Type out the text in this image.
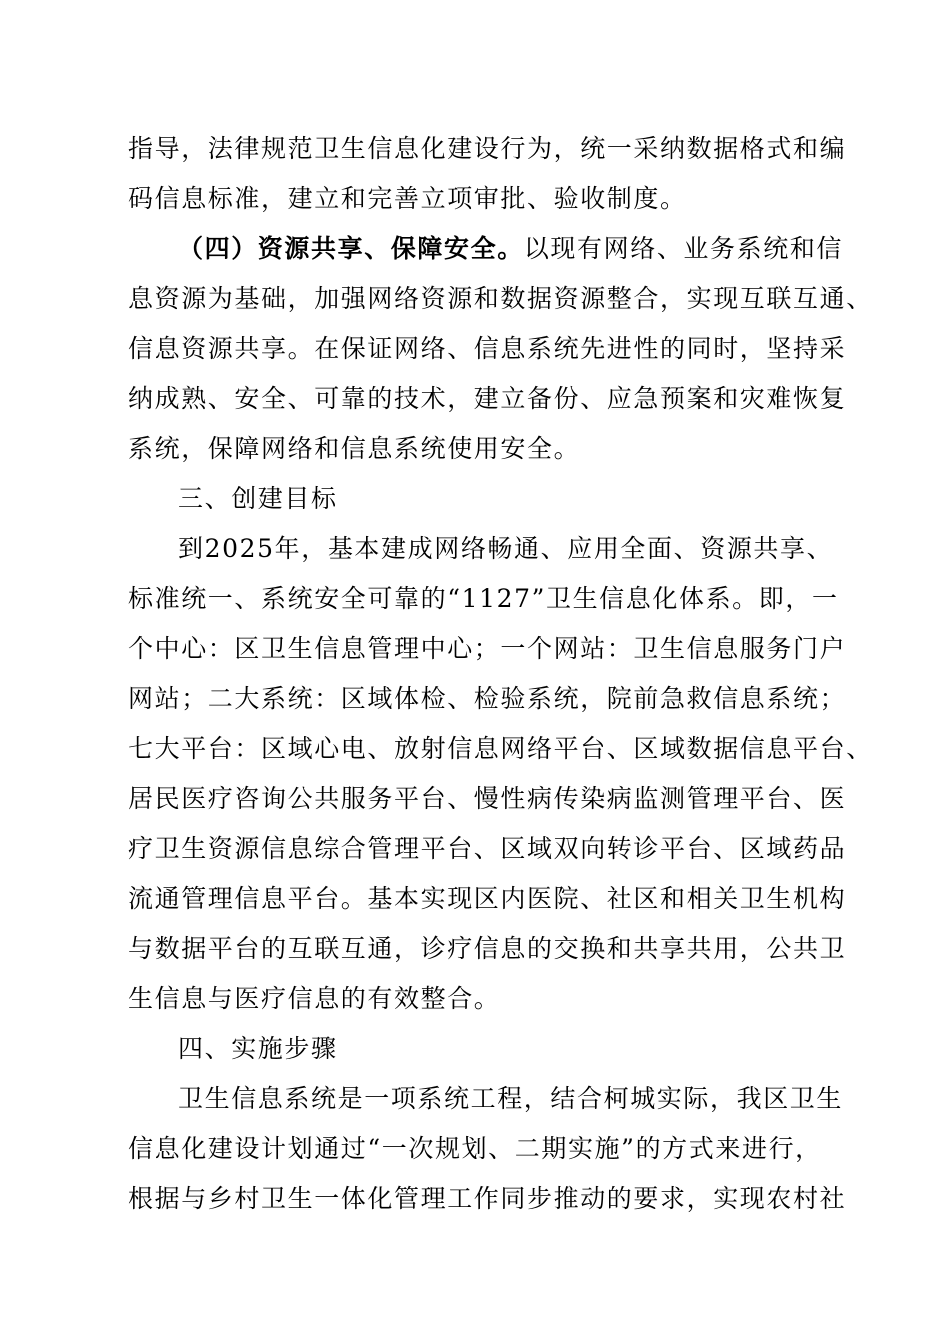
指导，法律规范卫生信息化建设行为，统一采纳数据格式和编
码信息标准，建立和完善立项审批、验收制度。
（四）资源共享、保障安全。以现有网络、业务系统和信
息资源为基础，加强网络资源和数据资源整合，实现互联互通、
信息资源共享。在保证网络、信息系统先进性的同时，坚持采
纳成熟、安全、可靠的技术，建立备份、应急预案和灾难恢复
系统，保障网络和信息系统使用安全。
三、创建目标
到2025年，基本建成网络畅通、应用全面、资源共享、
标准统一、系统安全可靠的“1127”卫生信息化体系。即，一
个中心：区卫生信息管理中心；一个网站：卫生信息服务门户
网站；二大系统：区域体检、检验系统，院前急救信息系统；
七大平台：区域心电、放射信息网络平台、区域数据信息平台、
居民医疗咨询公共服务平台、慢性病传染病监测管理平台、医
疗卫生资源信息综合管理平台、区域双向转诊平台、区域药品
流通管理信息平台。基本实现区内医院、社区和相关卫生机构
与数据平台的互联互通，诊疗信息的交换和共享共用，公共卫
生信息与医疗信息的有效整合。
四、实施步骤
卫生信息系统是一项系统工程，结合柯城实际，我区卫生
信息化建设计划通过“一次规划、二期实施”的方式来进行，
根据与乡村卫生一体化管理工作同步推动的要求，实现农村社
